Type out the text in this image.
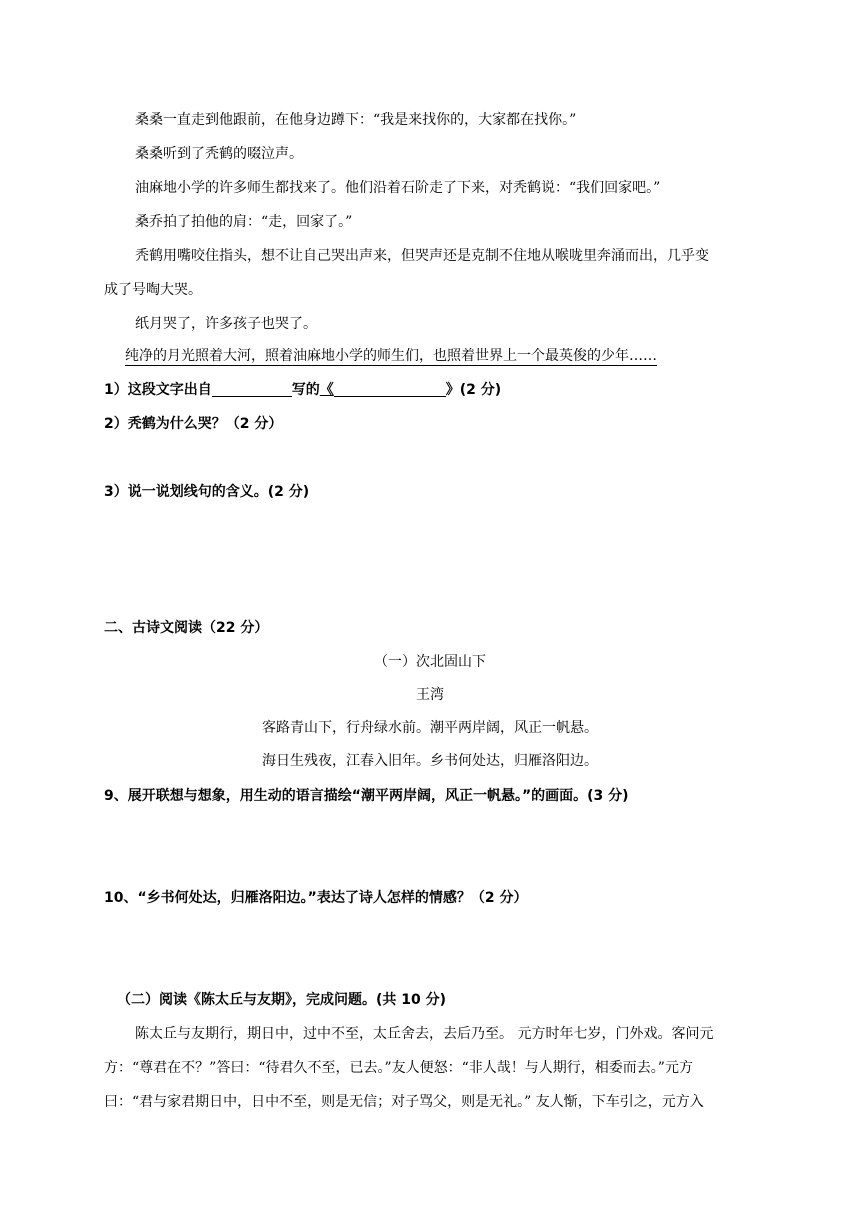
桑桑一直走到他跟前，在他身边蹲下：“我是来找你的，大家都在找你。”
桑桑听到了秃鹤的啜泣声。
油麻地小学的许多师生都找来了。他们沿着石阶走了下来，对秃鹤说：“我们回家吧。”
桑乔拍了拍他的肩：“走，回家了。”
秃鹤用嘴咬住指头，想不让自己哭出声来，但哭声还是克制不住地从喉咙里奔涌而出，几乎变
成了号啕大哭。
纸月哭了，许多孩子也哭了。
纯净的月光照着大河，照着油麻地小学的师生们，也照着世界上一个最英俊的少年……
1）这段文字出自	写的《	》(2 分)
2）秃鹤为什么哭？（2 分）
3）说一说划线句的含义。(2 分)
二、古诗文阅读（22 分）
（一）次北固山下
王湾
客路青山下，行舟绿水前。潮平两岸阔，风正一帆悬。
海日生残夜，江春入旧年。乡书何处达，归雁洛阳边。
9、展开联想与想象，用生动的语言描绘“潮平两岸阔，风正一帆悬。”的画面。(3 分)
10、“乡书何处达，归雁洛阳边。”表达了诗人怎样的情感？（2 分）
（二）阅读《陈太丘与友期》，完成问题。(共 10 分)
陈太丘与友期行，期日中，过中不至，太丘舍去，去后乃至。 元方时年七岁，门外戏。客问元
方：“尊君在不？”答曰：“待君久不至，已去。”友人便怒：“非人哉！与人期行，相委而去。”元方
曰：“君与家君期日中，日中不至，则是无信；对子骂父，则是无礼。” 友人惭，下车引之，元方入
